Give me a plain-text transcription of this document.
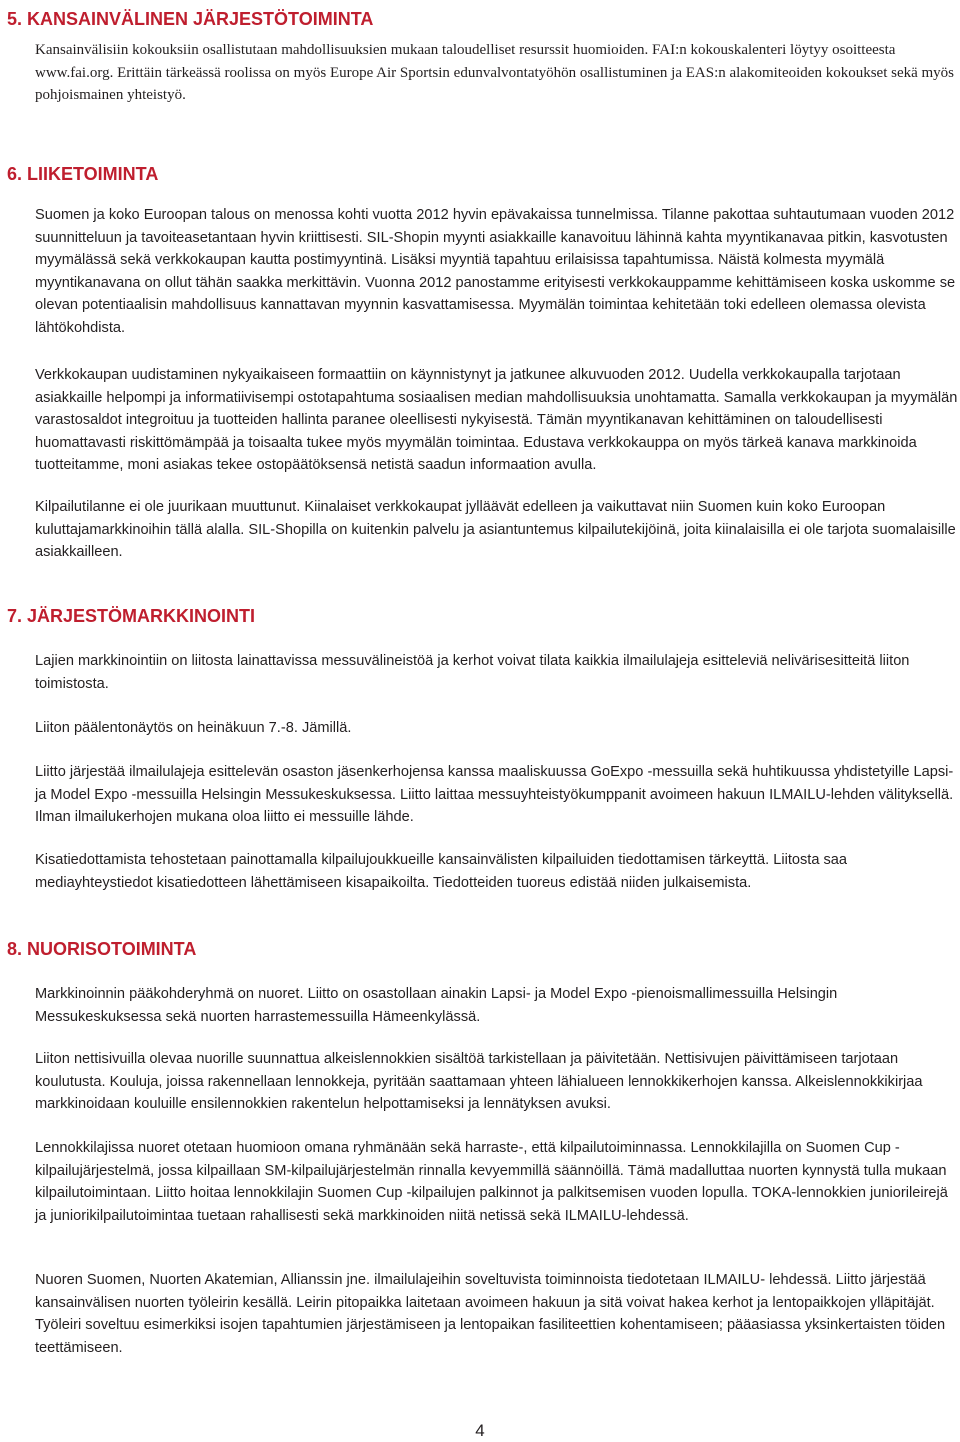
5. KANSAINVÄLINEN JÄRJESTÖTOIMINTA

Kansainvälisiin kokouksiin osallistutaan mahdollisuuksien mukaan taloudelliset resurssit huomioiden. FAI:n kokouskalenteri löytyy osoitteesta www.fai.org. Erittäin tärkeässä roolissa on myös Europe Air Sportsin edunvalvontatyöhön osallistuminen ja EAS:n alakomiteoiden kokoukset sekä myös pohjoismainen yhteistyö.

6. LIIKETOIMINTA

Suomen ja koko Euroopan talous on menossa kohti vuotta 2012 hyvin epävakaissa tunnelmissa. Tilanne pakottaa suhtautumaan vuoden 2012 suunnitteluun ja tavoiteasetantaan hyvin kriittisesti. SIL-Shopin myynti asiakkaille kanavoituu lähinnä kahta myyntikanavaa pitkin, kasvotusten myymälässä sekä verkkokaupan kautta postimyyntinä. Lisäksi myyntiä tapahtuu erilaisissa tapahtumissa. Näistä kolmesta myymälä myyntikanavana on ollut tähän saakka merkittävin. Vuonna 2012 panostamme erityisesti verkkokauppamme kehittämiseen koska uskomme se olevan potentiaalisin mahdollisuus kannattavan myynnin kasvattamisessa. Myymälän toimintaa kehitetään toki edelleen olemassa olevista lähtökohdista.

Verkkokaupan uudistaminen nykyaikaiseen formaattiin on käynnistynyt ja jatkunee alkuvuoden 2012. Uudella verkkokaupalla tarjotaan asiakkaille helpompi ja informatiivisempi ostotapahtuma sosiaalisen median mahdollisuuksia unohtamatta. Samalla verkkokaupan ja myymälän varastosaldot integroituu ja tuotteiden hallinta paranee oleellisesti nykyisestä. Tämän myyntikanavan kehittäminen on taloudellisesti huomattavasti riskittömämpää ja toisaalta tukee myös myymälän toimintaa. Edustava verkkokauppa on myös tärkeä kanava markkinoida tuotteitamme, moni asiakas tekee ostopäätöksensä netistä saadun informaation avulla.

Kilpailutilanne ei ole juurikaan muuttunut. Kiinalaiset verkkokaupat jylläävät edelleen ja vaikuttavat niin Suomen kuin koko Euroopan kuluttajamarkkinoihin tällä alalla. SIL-Shopilla on kuitenkin palvelu ja asiantuntemus kilpailutekijöinä, joita kiinalaisilla ei ole tarjota suomalaisille asiakkailleen.

7. JÄRJESTÖMARKKINOINTI

Lajien markkinointiin on liitosta lainattavissa messuvälineistöä ja kerhot voivat tilata kaikkia ilmailulajeja esitteleviä nelivärisesitteitä liiton toimistosta.

Liiton päälentonäytös on heinäkuun 7.-8. Jämillä.

Liitto järjestää ilmailulajeja esittelevän osaston jäsenkerhojensa kanssa maaliskuussa GoExpo -messuilla sekä huhtikuussa yhdistetyille Lapsi- ja Model Expo -messuilla Helsingin Messukeskuksessa. Liitto laittaa messuyhteistyökumppanit avoimeen hakuun ILMAILU-lehden välityksellä. Ilman ilmailukerhojen mukana oloa liitto ei messuille lähde.

Kisatiedottamista tehostetaan painottamalla kilpailujoukkueille kansainvälisten kilpailuiden tiedottamisen tärkeyttä. Liitosta saa mediayhteystiedot kisatiedotteen lähettämiseen kisapaikoilta. Tiedotteiden tuoreus edistää niiden julkaisemista.

8. NUORISOTOIMINTA

Markkinoinnin pääkohderyhmä on nuoret. Liitto on osastollaan ainakin Lapsi- ja Model Expo -pienoismallimessuilla Helsingin Messukeskuksessa sekä nuorten harrastemessuilla Hämeenkylässä.

Liiton nettisivuilla olevaa nuorille suunnattua alkeislennokkien sisältöä tarkistellaan ja päivitetään. Nettisivujen päivittämiseen tarjotaan koulutusta. Kouluja, joissa rakennellaan lennokkeja, pyritään saattamaan yhteen lähialueen lennokkikerhojen kanssa. Alkeislennokkikirjaa markkinoidaan kouluille ensilennokkien rakentelun helpottamiseksi ja lennätyksen avuksi.

Lennokkilajissa nuoret otetaan huomioon omana ryhmänään sekä harraste-, että kilpailutoiminnassa. Lennokkilajilla on Suomen Cup -kilpailujärjestelmä, jossa kilpaillaan SM-kilpailujärjestelmän rinnalla kevyemmillä säännöillä. Tämä madalluttaa nuorten kynnystä tulla mukaan kilpailutoimintaan. Liitto hoitaa lennokkilajin Suomen Cup -kilpailujen palkinnot ja palkitsemisen vuoden lopulla. TOKA-lennokkien juniorileirejä ja juniorikilpailutoimintaa tuetaan rahallisesti sekä markkinoiden niitä netissä sekä ILMAILU-lehdessä.

Nuoren Suomen, Nuorten Akatemian, Allianssin jne. ilmailulajeihin soveltuvista toiminnoista tiedotetaan ILMAILU- lehdessä. Liitto järjestää kansainvälisen nuorten työleirin kesällä. Leirin pitopaikka laitetaan avoimeen hakuun ja sitä voivat hakea kerhot ja lentopaikkojen ylläpitäjät. Työleiri soveltuu esimerkiksi isojen tapahtumien järjestämiseen ja lentopaikan fasiliteettien kohentamiseen; pääasiassa yksinkertaisten töiden teettämiseen.

4
